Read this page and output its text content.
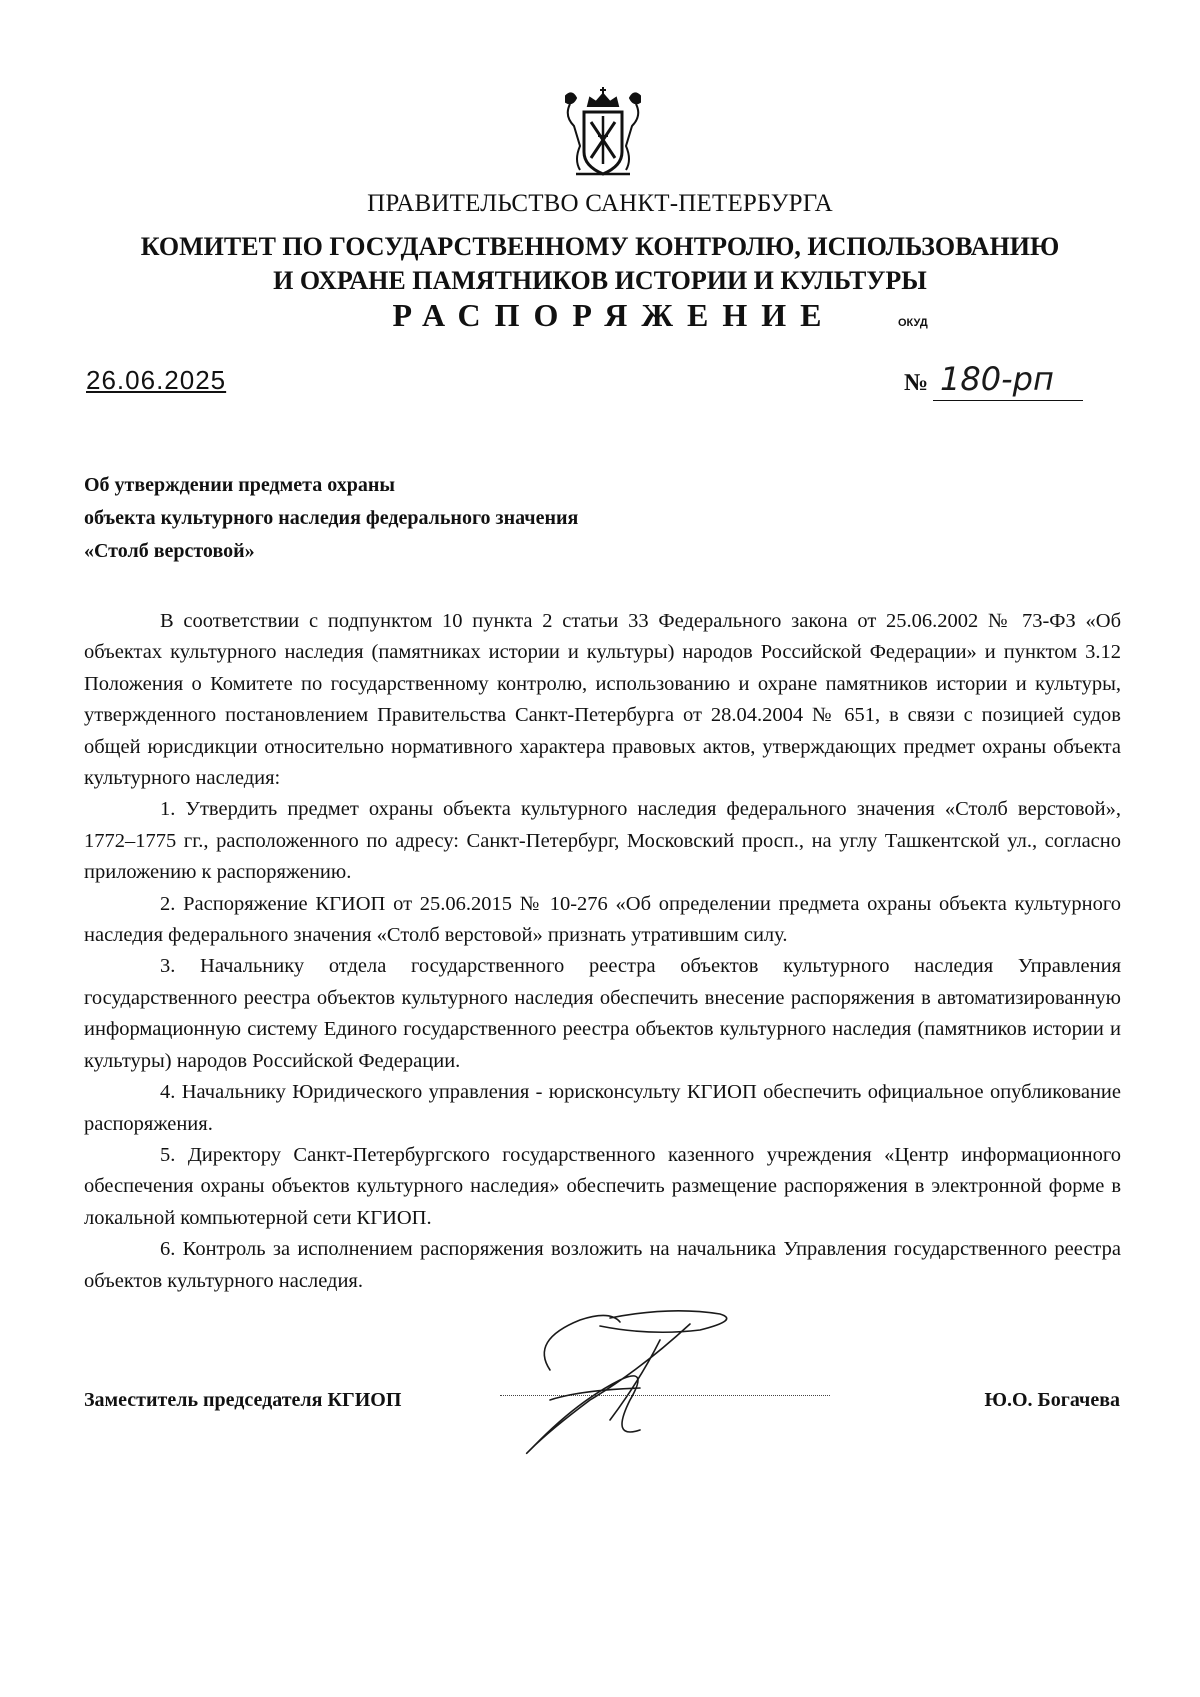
ПРАВИТЕЛЬСТВО САНКТ-ПЕТЕРБУРГА
КОМИТЕТ ПО ГОСУДАРСТВЕННОМУ КОНТРОЛЮ, ИСПОЛЬЗОВАНИЮ
И ОХРАНЕ ПАМЯТНИКОВ ИСТОРИИ И КУЛЬТУРЫ
РАСПОРЯЖЕНИЕ	ОКУД
26.06.2025	№ 180-рп
Об утверждении предмета охраны
объекта культурного наследия федерального значения
«Столб верстовой»

В соответствии с подпунктом 10 пункта 2 статьи 33 Федерального закона от 25.06.2002 № 73-ФЗ «Об объектах культурного наследия (памятниках истории и культуры) народов Российской Федерации» и пунктом 3.12 Положения о Комитете по государственному контролю, использованию и охране памятников истории и культуры, утвержденного постановлением Правительства Санкт-Петербурга от 28.04.2004 № 651, в связи с позицией судов общей юрисдикции относительно нормативного характера правовых актов, утверждающих предмет охраны объекта культурного наследия:

1. Утвердить предмет охраны объекта культурного наследия федерального значения «Столб верстовой», 1772–1775 гг., расположенного по адресу: Санкт-Петербург, Московский просп., на углу Ташкентской ул., согласно приложению к распоряжению.

2. Распоряжение КГИОП от 25.06.2015 № 10-276 «Об определении предмета охраны объекта культурного наследия федерального значения «Столб верстовой» признать утратившим силу.

3. Начальнику отдела государственного реестра объектов культурного наследия Управления государственного реестра объектов культурного наследия обеспечить внесение распоряжения в автоматизированную информационную систему Единого государственного реестра объектов культурного наследия (памятников истории и культуры) народов Российской Федерации.

4. Начальнику Юридического управления - юрисконсульту КГИОП обеспечить официальное опубликование распоряжения.

5. Директору Санкт-Петербургского государственного казенного учреждения «Центр информационного обеспечения охраны объектов культурного наследия» обеспечить размещение распоряжения в электронной форме в локальной компьютерной сети КГИОП.

6. Контроль за исполнением распоряжения возложить на начальника Управления государственного реестра объектов культурного наследия.

Заместитель председателя КГИОП	Ю.О. Богачева
